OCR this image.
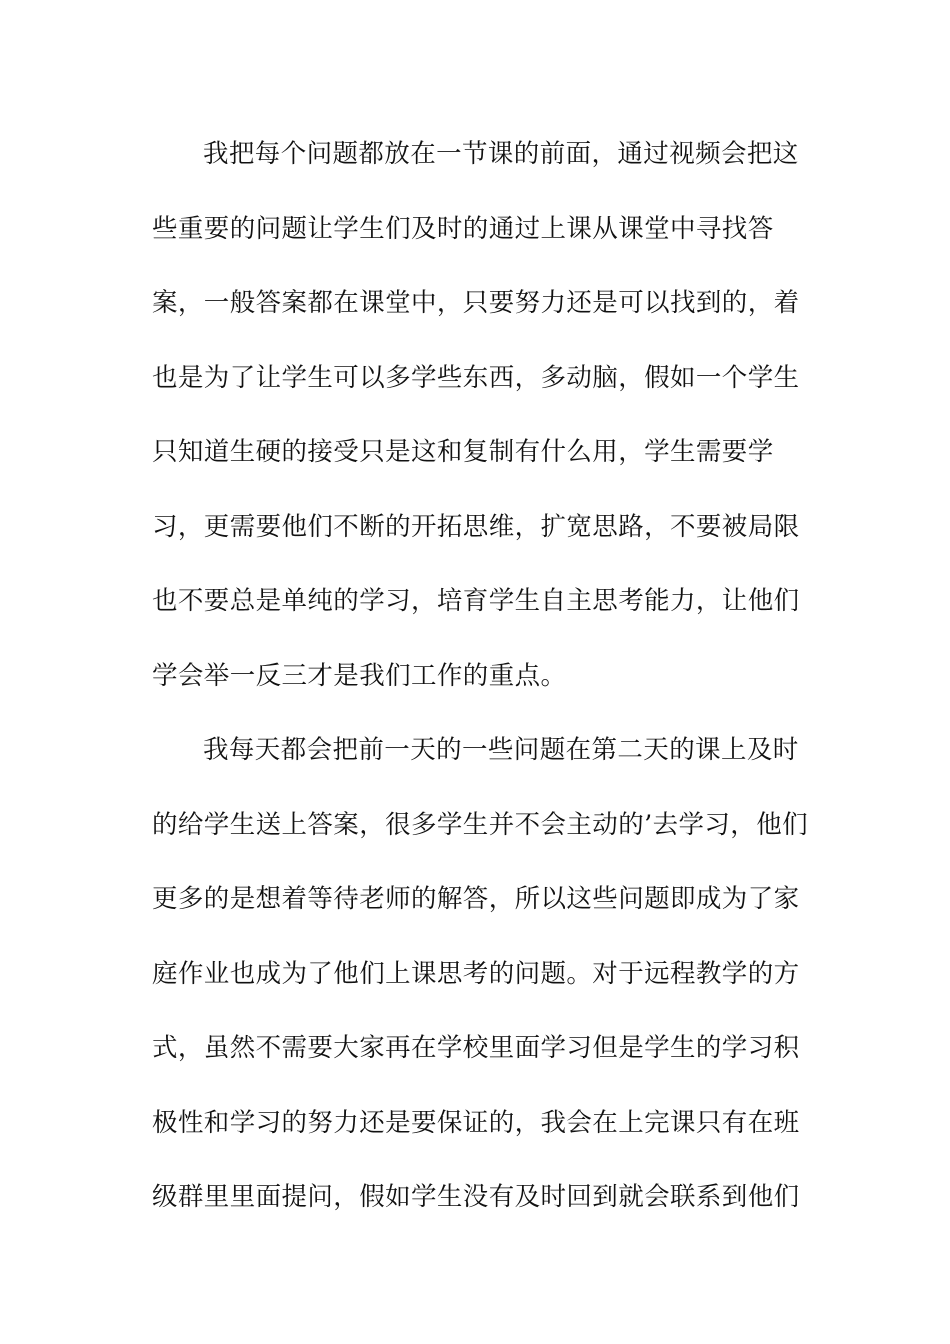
我把每个问题都放在一节课的前面，通过视频会把这
些重要的问题让学生们及时的通过上课从课堂中寻找答
案，一般答案都在课堂中，只要努力还是可以找到的，着
也是为了让学生可以多学些东西，多动脑，假如一个学生
只知道生硬的接受只是这和复制有什么用，学生需要学
习，更需要他们不断的开拓思维，扩宽思路，不要被局限
也不要总是单纯的学习，培育学生自主思考能力，让他们
学会举一反三才是我们工作的重点。
我每天都会把前一天的一些问题在第二天的课上及时
的给学生送上答案，很多学生并不会主动的’去学习，他们
更多的是想着等待老师的解答，所以这些问题即成为了家
庭作业也成为了他们上课思考的问题。对于远程教学的方
式，虽然不需要大家再在学校里面学习但是学生的学习积
极性和学习的努力还是要保证的，我会在上完课只有在班
级群里里面提问，假如学生没有及时回到就会联系到他们
